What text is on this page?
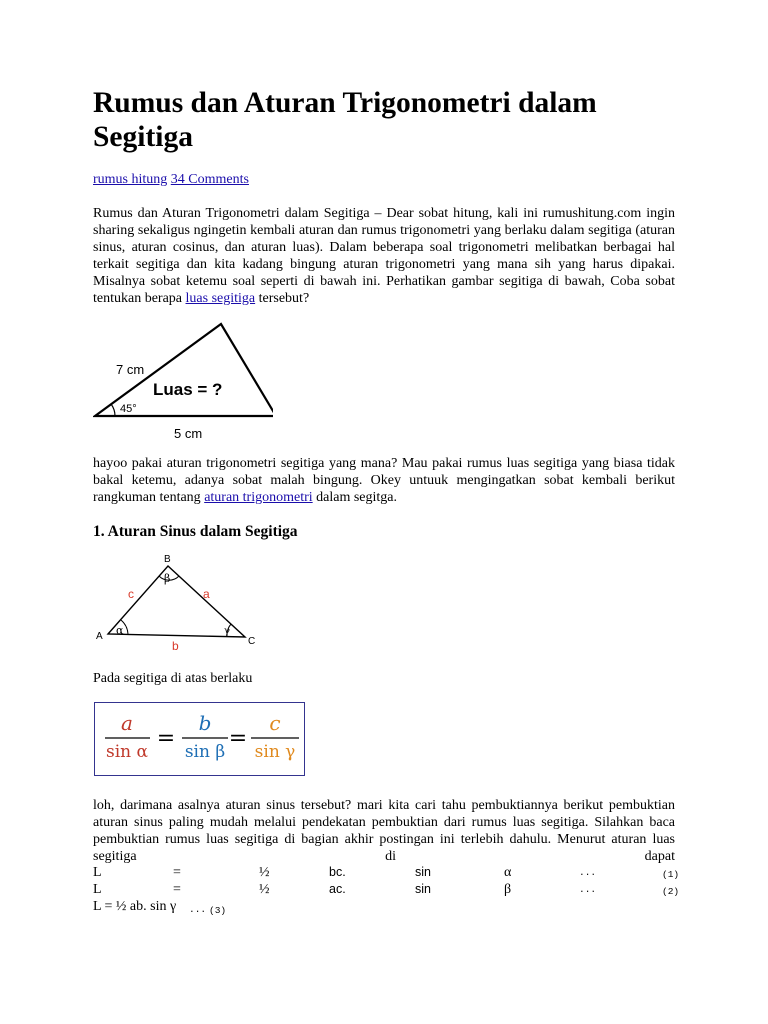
Rumus dan Aturan Trigonometri dalam Segitiga
rumus hitung 34 Comments

Rumus dan Aturan Trigonometri dalam Segitiga – Dear sobat hitung, kali ini rumushitung.com ingin sharing sekaligus ngingetin kembali aturan dan rumus trigonometri yang berlaku dalam segitiga (aturan sinus, aturan cosinus, dan aturan luas). Dalam beberapa soal trigonometri melibatkan berbagai hal terkait segitiga dan kita kadang bingung aturan trigonometri yang mana sih yang harus dipakai. Misalnya sobat ketemu soal seperti di bawah ini. Perhatikan gambar segitiga di bawah, Coba sobat tentukan berapa luas segitiga tersebut?

hayoo pakai aturan trigonometri segitiga yang mana? Mau pakai rumus luas segitiga yang biasa tidak bakal ketemu, adanya sobat malah bingung. Okey untuuk mengingatkan sobat kembali berikut rangkuman tentang aturan trigonometri dalam segitga.

1. Aturan Sinus dalam Segitiga

Pada segitiga di atas berlaku

loh, darimana asalnya aturan sinus tersebut? mari kita cari tahu pembuktiannya berikut pembuktian aturan sinus paling mudah melalui pendekatan pembuktian dari rumus luas segitiga. Silahkan baca pembuktian rumus luas segitiga di bagian akhir postingan ini terlebih dahulu. Menurut aturan luas segitiga di dapat

L	=	½	bc.	sin	α	...	(1)
L	=	½	ac.	sin	β	...	(2)
L = ½ ab. sin γ ... (3)
7 cm
Luas = ?
45°
5 cm
B
A	C
c	a
b
α
β
γ
a
sin α
=
b
sin β
=
c
sin γ
